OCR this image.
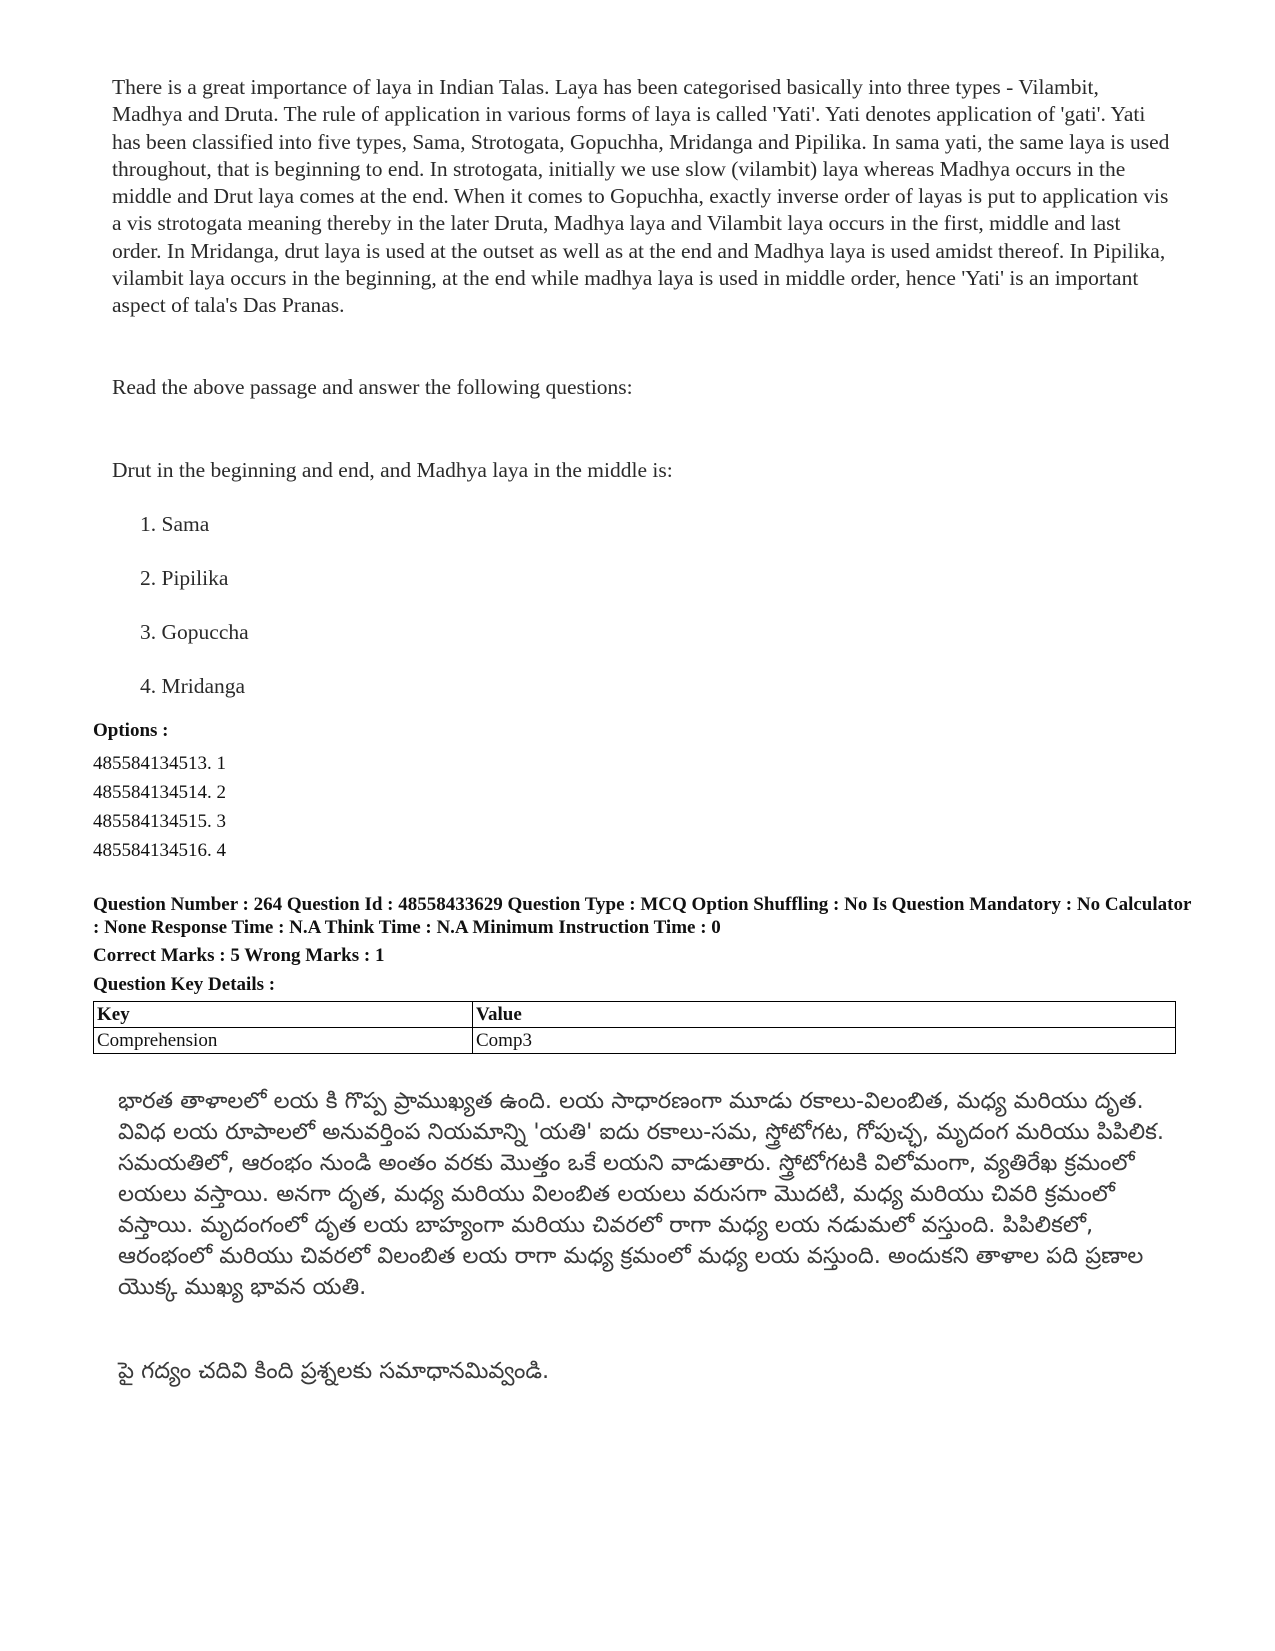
There is a great importance of laya in Indian Talas. Laya has been categorised basically into three types - Vilambit, Madhya and Druta. The rule of application in various forms of laya is called 'Yati'. Yati denotes application of 'gati'. Yati has been classified into five types, Sama, Strotogata, Gopuchha, Mridanga and Pipilika. In sama yati, the same laya is used throughout, that is beginning to end. In strotogata, initially we use slow (vilambit) laya whereas Madhya occurs in the middle and Drut laya comes at the end. When it comes to Gopuchha, exactly inverse order of layas is put to application vis a vis strotogata meaning thereby in the later Druta, Madhya laya and Vilambit laya occurs in the first, middle and last order. In Mridanga, drut laya is used at the outset as well as at the end and Madhya laya is used amidst thereof. In Pipilika, vilambit laya occurs in the beginning, at the end while madhya laya is used in middle order, hence 'Yati' is an important aspect of tala's Das Pranas.

Read the above passage and answer the following questions:

Drut in the beginning and end, and Madhya laya in the middle is:

1. Sama
2. Pipilika
3. Gopuccha
4. Mridanga

Options :

485584134513. 1
485584134514. 2
485584134515. 3
485584134516. 4

Question Number : 264 Question Id : 48558433629 Question Type : MCQ Option Shuffling : No Is Question Mandatory : No Calculator : None Response Time : N.A Think Time : N.A Minimum Instruction Time : 0

Correct Marks : 5 Wrong Marks : 1

Question Key Details :

Key	Value
Comprehension	Comp3

భారత తాళాలలో లయ కి గొప్ప ప్రాముఖ్యత ఉంది. లయ సాధారణంగా మూడు రకాలు-విలంబిత, మధ్య మరియు దృత. వివిధ లయ రూపాలలో అనువర్తింప నియమాన్ని 'యతి' ఐదు రకాలు-సమ, స్త్రోటోగట, గోపుచ్ఛ, మృదంగ మరియు పిపిలిక. సమయతిలో, ఆరంభం నుండి అంతం వరకు మొత్తం ఒకే లయని వాడుతారు. స్త్రోటోగటకి విలోమంగా, వ్యతిరేఖ క్రమంలో లయలు వస్తాయి. అనగా దృత, మధ్య మరియు విలంబిత లయలు వరుసగా మొదటి, మధ్య మరియు చివరి క్రమంలో వస్తాయి. మృదంగంలో దృత లయ బాహ్యంగా మరియు చివరలో రాగా మధ్య లయ నడుమలో వస్తుంది. పిపిలికలో, ఆరంభంలో మరియు చివరలో విలంబిత లయ రాగా మధ్య క్రమంలో మధ్య లయ వస్తుంది. అందుకని తాళాల పది ప్రణాల యొక్క ముఖ్య భావన యతి.

పై గద్యం చదివి కింది ప్రశ్నలకు సమాధానమివ్వండి.
